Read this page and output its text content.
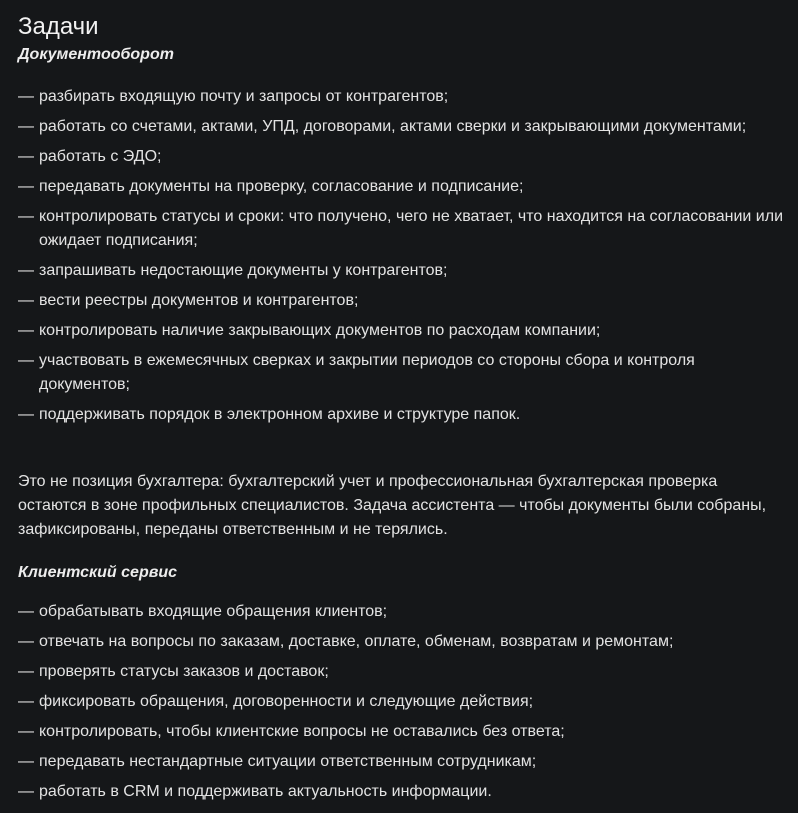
Задачи
Документооборот
— разбирать входящую почту и запросы от контрагентов;
— работать со счетами, актами, УПД, договорами, актами сверки и закрывающими документами;
— работать с ЭДО;
— передавать документы на проверку, согласование и подписание;
— контролировать статусы и сроки: что получено, чего не хватает, что находится на согласовании или ожидает подписания;
— запрашивать недостающие документы у контрагентов;
— вести реестры документов и контрагентов;
— контролировать наличие закрывающих документов по расходам компании;
— участвовать в ежемесячных сверках и закрытии периодов со стороны сбора и контроля документов;
— поддерживать порядок в электронном архиве и структуре папок.

Это не позиция бухгалтера: бухгалтерский учет и профессиональная бухгалтерская проверка остаются в зоне профильных специалистов. Задача ассистента — чтобы документы были собраны, зафиксированы, переданы ответственным и не терялись.

Клиентский сервис
— обрабатывать входящие обращения клиентов;
— отвечать на вопросы по заказам, доставке, оплате, обменам, возвратам и ремонтам;
— проверять статусы заказов и доставок;
— фиксировать обращения, договоренности и следующие действия;
— контролировать, чтобы клиентские вопросы не оставались без ответа;
— передавать нестандартные ситуации ответственным сотрудникам;
— работать в CRM и поддерживать актуальность информации.
